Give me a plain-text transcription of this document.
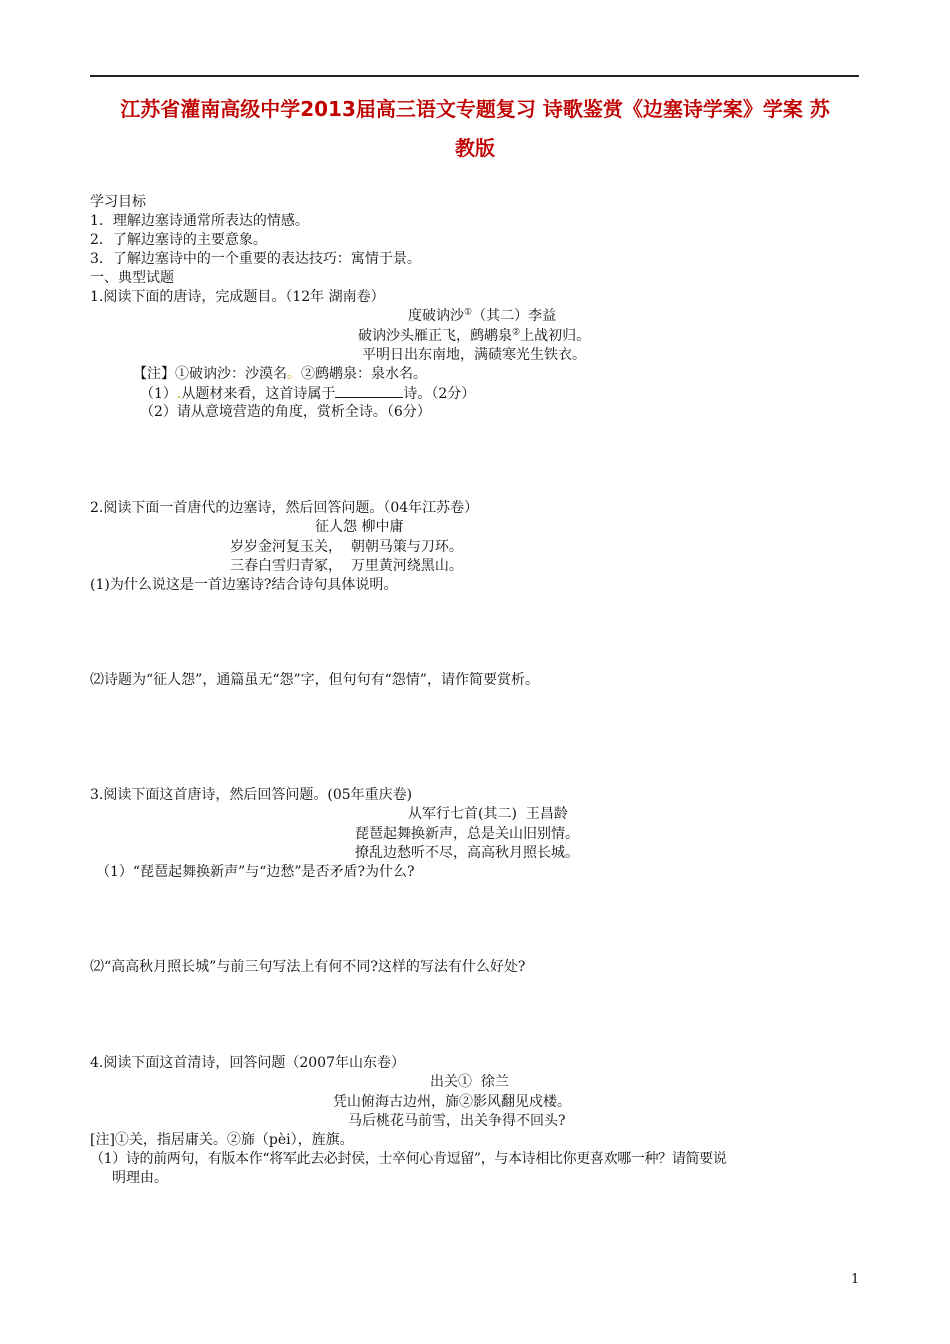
江苏省灌南高级中学2013届高三语文专题复习 诗歌鉴赏《边塞诗学案》学案 苏
教版
学习目标
1．理解边塞诗通常所表达的情感。
2．了解边塞诗的主要意象。
3．了解边塞诗中的一个重要的表达技巧：寓情于景。
一、典型试题
1.阅读下面的唐诗，完成题目。（12年 湖南卷）
度破讷沙①（其二）李益
破讷沙头雁正飞，鹧鹕泉②上战初归。
平明日出东南地，满碛寒光生铁衣。
【注】①破讷沙：沙漠名。②鹧鹕泉：泉水名。
（1）.从题材来看，这首诗属于	诗。（2分）
（2）请从意境营造的角度，赏析全诗。（6分）
2.阅读下面一首唐代的边塞诗，然后回答问题。（04年江苏卷）
征人怨 柳中庸
岁岁金河复玉关，  朝朝马策与刀环。
三春白雪归青冢，  万里黄河绕黑山。
(1)为什么说这是一首边塞诗?结合诗句具体说明。
⑵诗题为“征人怨”，通篇虽无“怨”字，但句句有“怨情”，请作简要赏析。
3.阅读下面这首唐诗，然后回答问题。(05年重庆卷)
从军行七首(其二)  王昌龄
琵琶起舞换新声，总是关山旧别情。
撩乱边愁听不尽，高高秋月照长城。
（1）“琵琶起舞换新声”与“边愁”是否矛盾?为什么?
⑵“高高秋月照长城”与前三句写法上有何不同?这样的写法有什么好处?
4.阅读下面这首清诗，回答问题（2007年山东卷）
出关①  徐兰
凭山俯海古边州，旆②影风翻见戍楼。
马后桃花马前雪，出关争得不回头?
[注]①关，指居庸关。②旆（pèi），旌旗。
（1）诗的前两句，有版本作“将军此去必封侯，士卒何心肯逗留”，与本诗相比你更喜欢哪一种？请简要说
明理由。
1
